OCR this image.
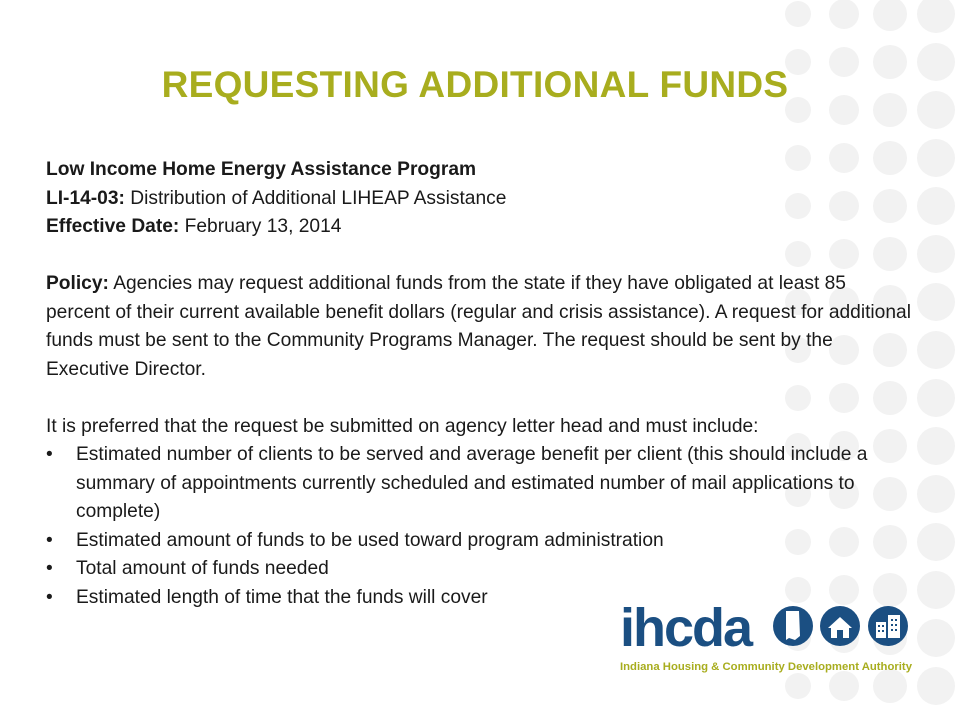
REQUESTING ADDITIONAL FUNDS
Low Income Home Energy Assistance Program
LI-14-03: Distribution of Additional LIHEAP Assistance
Effective Date: February 13, 2014
Policy: Agencies may request additional funds from the state if they have obligated at least 85 percent of their current available benefit dollars (regular and crisis assistance). A request for additional funds must be sent to the Community Programs Manager. The request should be sent by the Executive Director.
It is preferred that the request be submitted on agency letter head and must include:
• Estimated number of clients to be served and average benefit per client (this should include a summary of appointments currently scheduled and estimated number of mail applications to complete)
• Estimated amount of funds to be used toward program administration
• Total amount of funds needed
• Estimated length of time that the funds will cover
ihcda
Indiana Housing & Community Development Authority
